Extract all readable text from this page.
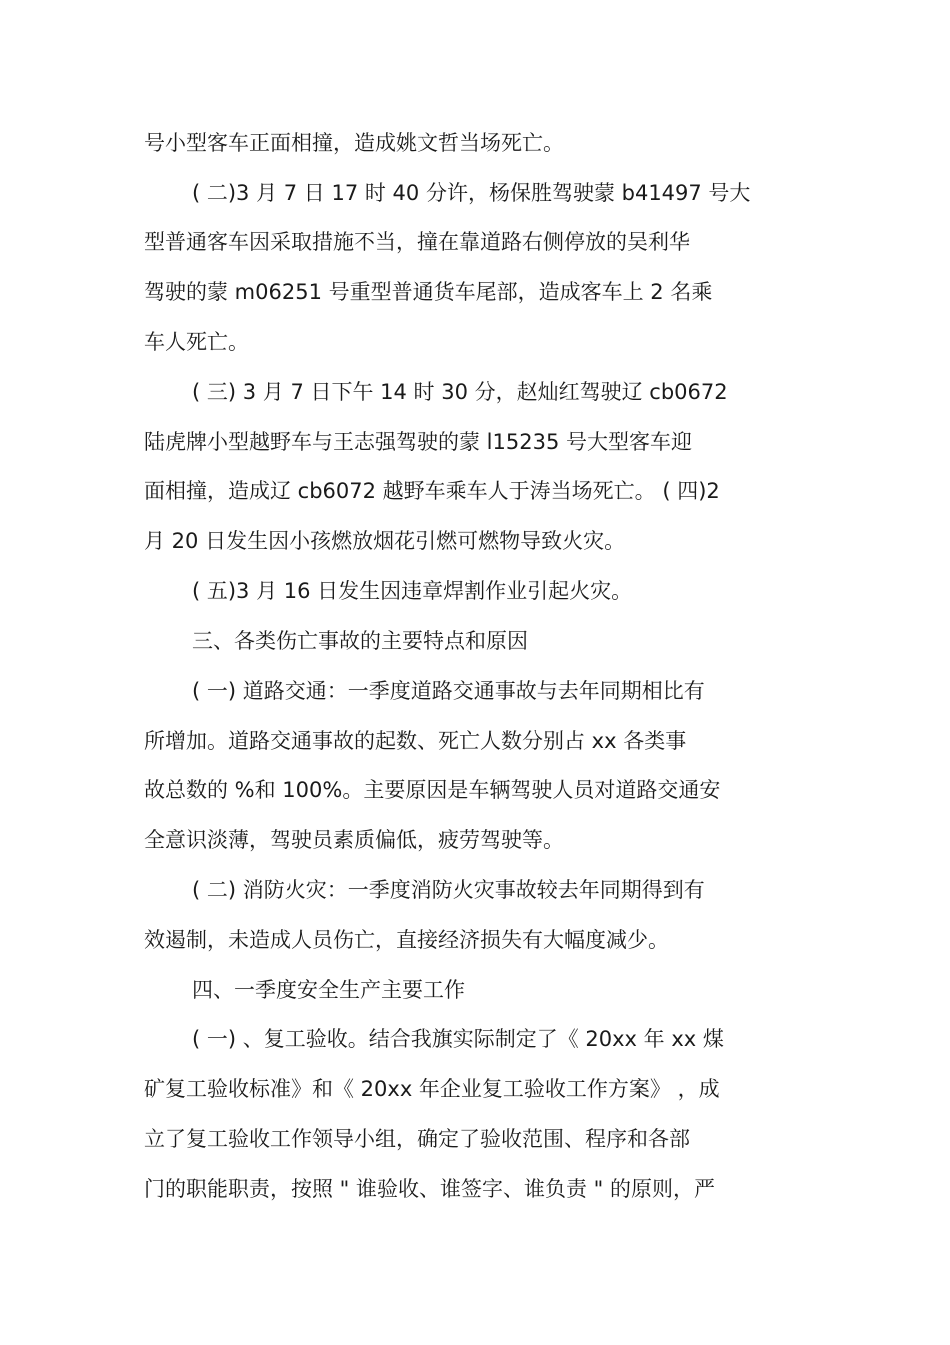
号小型客车正面相撞，造成姚文哲当场死亡。
( 二)3 月 7 日 17 时 40 分许，杨保胜驾驶蒙 b41497 号大
型普通客车因采取措施不当，撞在靠道路右侧停放的吴利华
驾驶的蒙 m06251 号重型普通货车尾部，造成客车上 2 名乘
车人死亡。
( 三) 3 月 7 日下午 14 时 30 分，赵灿红驾驶辽 cb0672
陆虎牌小型越野车与王志强驾驶的蒙 l15235 号大型客车迎
面相撞，造成辽 cb6072 越野车乘车人于涛当场死亡。 ( 四)2
月 20 日发生因小孩燃放烟花引燃可燃物导致火灾。
( 五)3 月 16 日发生因违章焊割作业引起火灾。
三、各类伤亡事故的主要特点和原因
( 一) 道路交通：一季度道路交通事故与去年同期相比有
所增加。道路交通事故的起数、死亡人数分别占 xx 各类事
故总数的 %和 100%。主要原因是车辆驾驶人员对道路交通安
全意识淡薄，驾驶员素质偏低，疲劳驾驶等。
( 二) 消防火灾：一季度消防火灾事故较去年同期得到有
效遏制，未造成人员伤亡，直接经济损失有大幅度减少。
四、一季度安全生产主要工作
( 一) 、复工验收。结合我旗实际制定了《 20xx 年 xx 煤
矿复工验收标准》和《 20xx 年企业复工验收工作方案》 ，成
立了复工验收工作领导小组，确定了验收范围、程序和各部
门的职能职责，按照 " 谁验收、谁签字、谁负责 " 的原则，严
